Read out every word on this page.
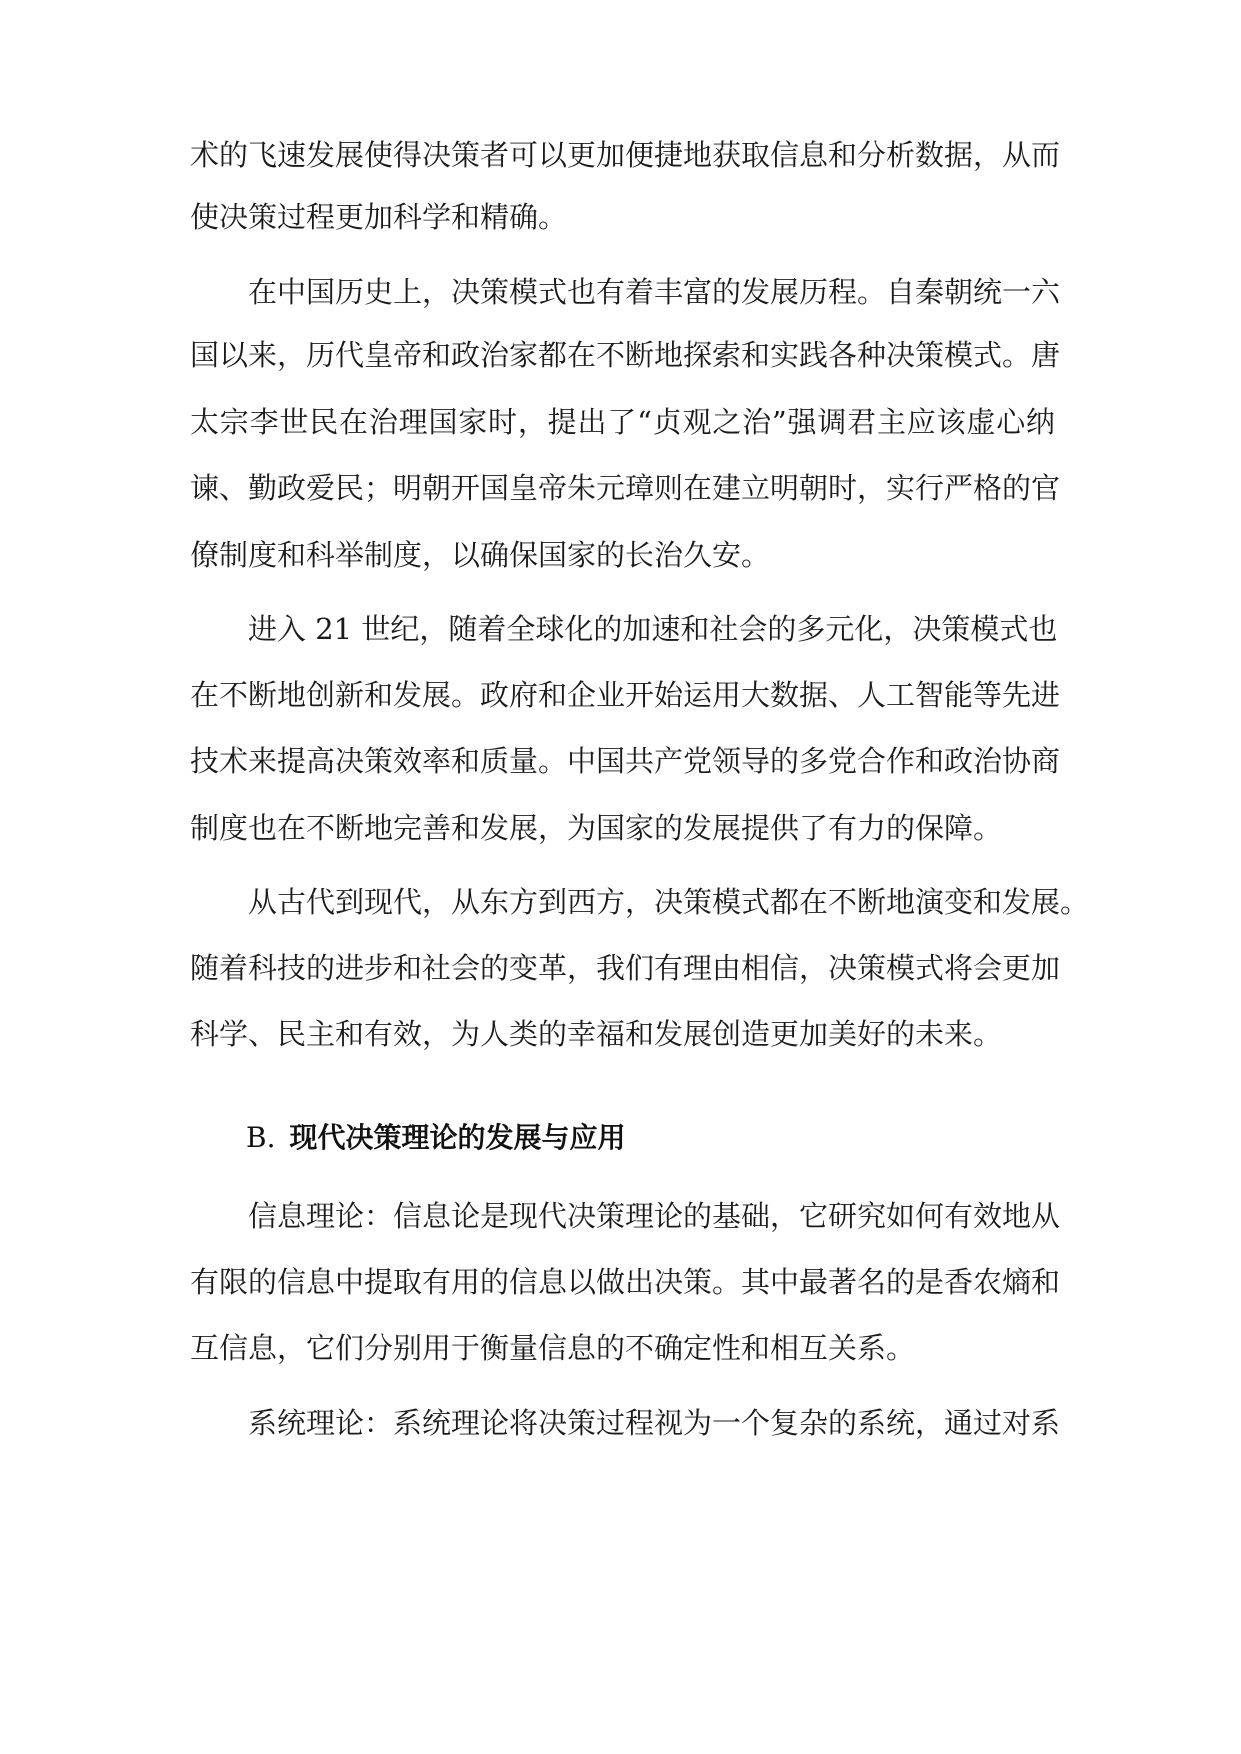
术的飞速发展使得决策者可以更加便捷地获取信息和分析数据，从而
使决策过程更加科学和精确。
在中国历史上，决策模式也有着丰富的发展历程。自秦朝统一六
国以来，历代皇帝和政治家都在不断地探索和实践各种决策模式。唐
太宗李世民在治理国家时，提出了“贞观之治”强调君主应该虚心纳
谏、勤政爱民；明朝开国皇帝朱元璋则在建立明朝时，实行严格的官
僚制度和科举制度，以确保国家的长治久安。
进入 21 世纪，随着全球化的加速和社会的多元化，决策模式也
在不断地创新和发展。政府和企业开始运用大数据、人工智能等先进
技术来提高决策效率和质量。中国共产党领导的多党合作和政治协商
制度也在不断地完善和发展，为国家的发展提供了有力的保障。
从古代到现代，从东方到西方，决策模式都在不断地演变和发展。
随着科技的进步和社会的变革，我们有理由相信，决策模式将会更加
科学、民主和有效，为人类的幸福和发展创造更加美好的未来。
B. 现代决策理论的发展与应用
信息理论：信息论是现代决策理论的基础，它研究如何有效地从
有限的信息中提取有用的信息以做出决策。其中最著名的是香农熵和
互信息，它们分别用于衡量信息的不确定性和相互关系。
系统理论：系统理论将决策过程视为一个复杂的系统，通过对系
